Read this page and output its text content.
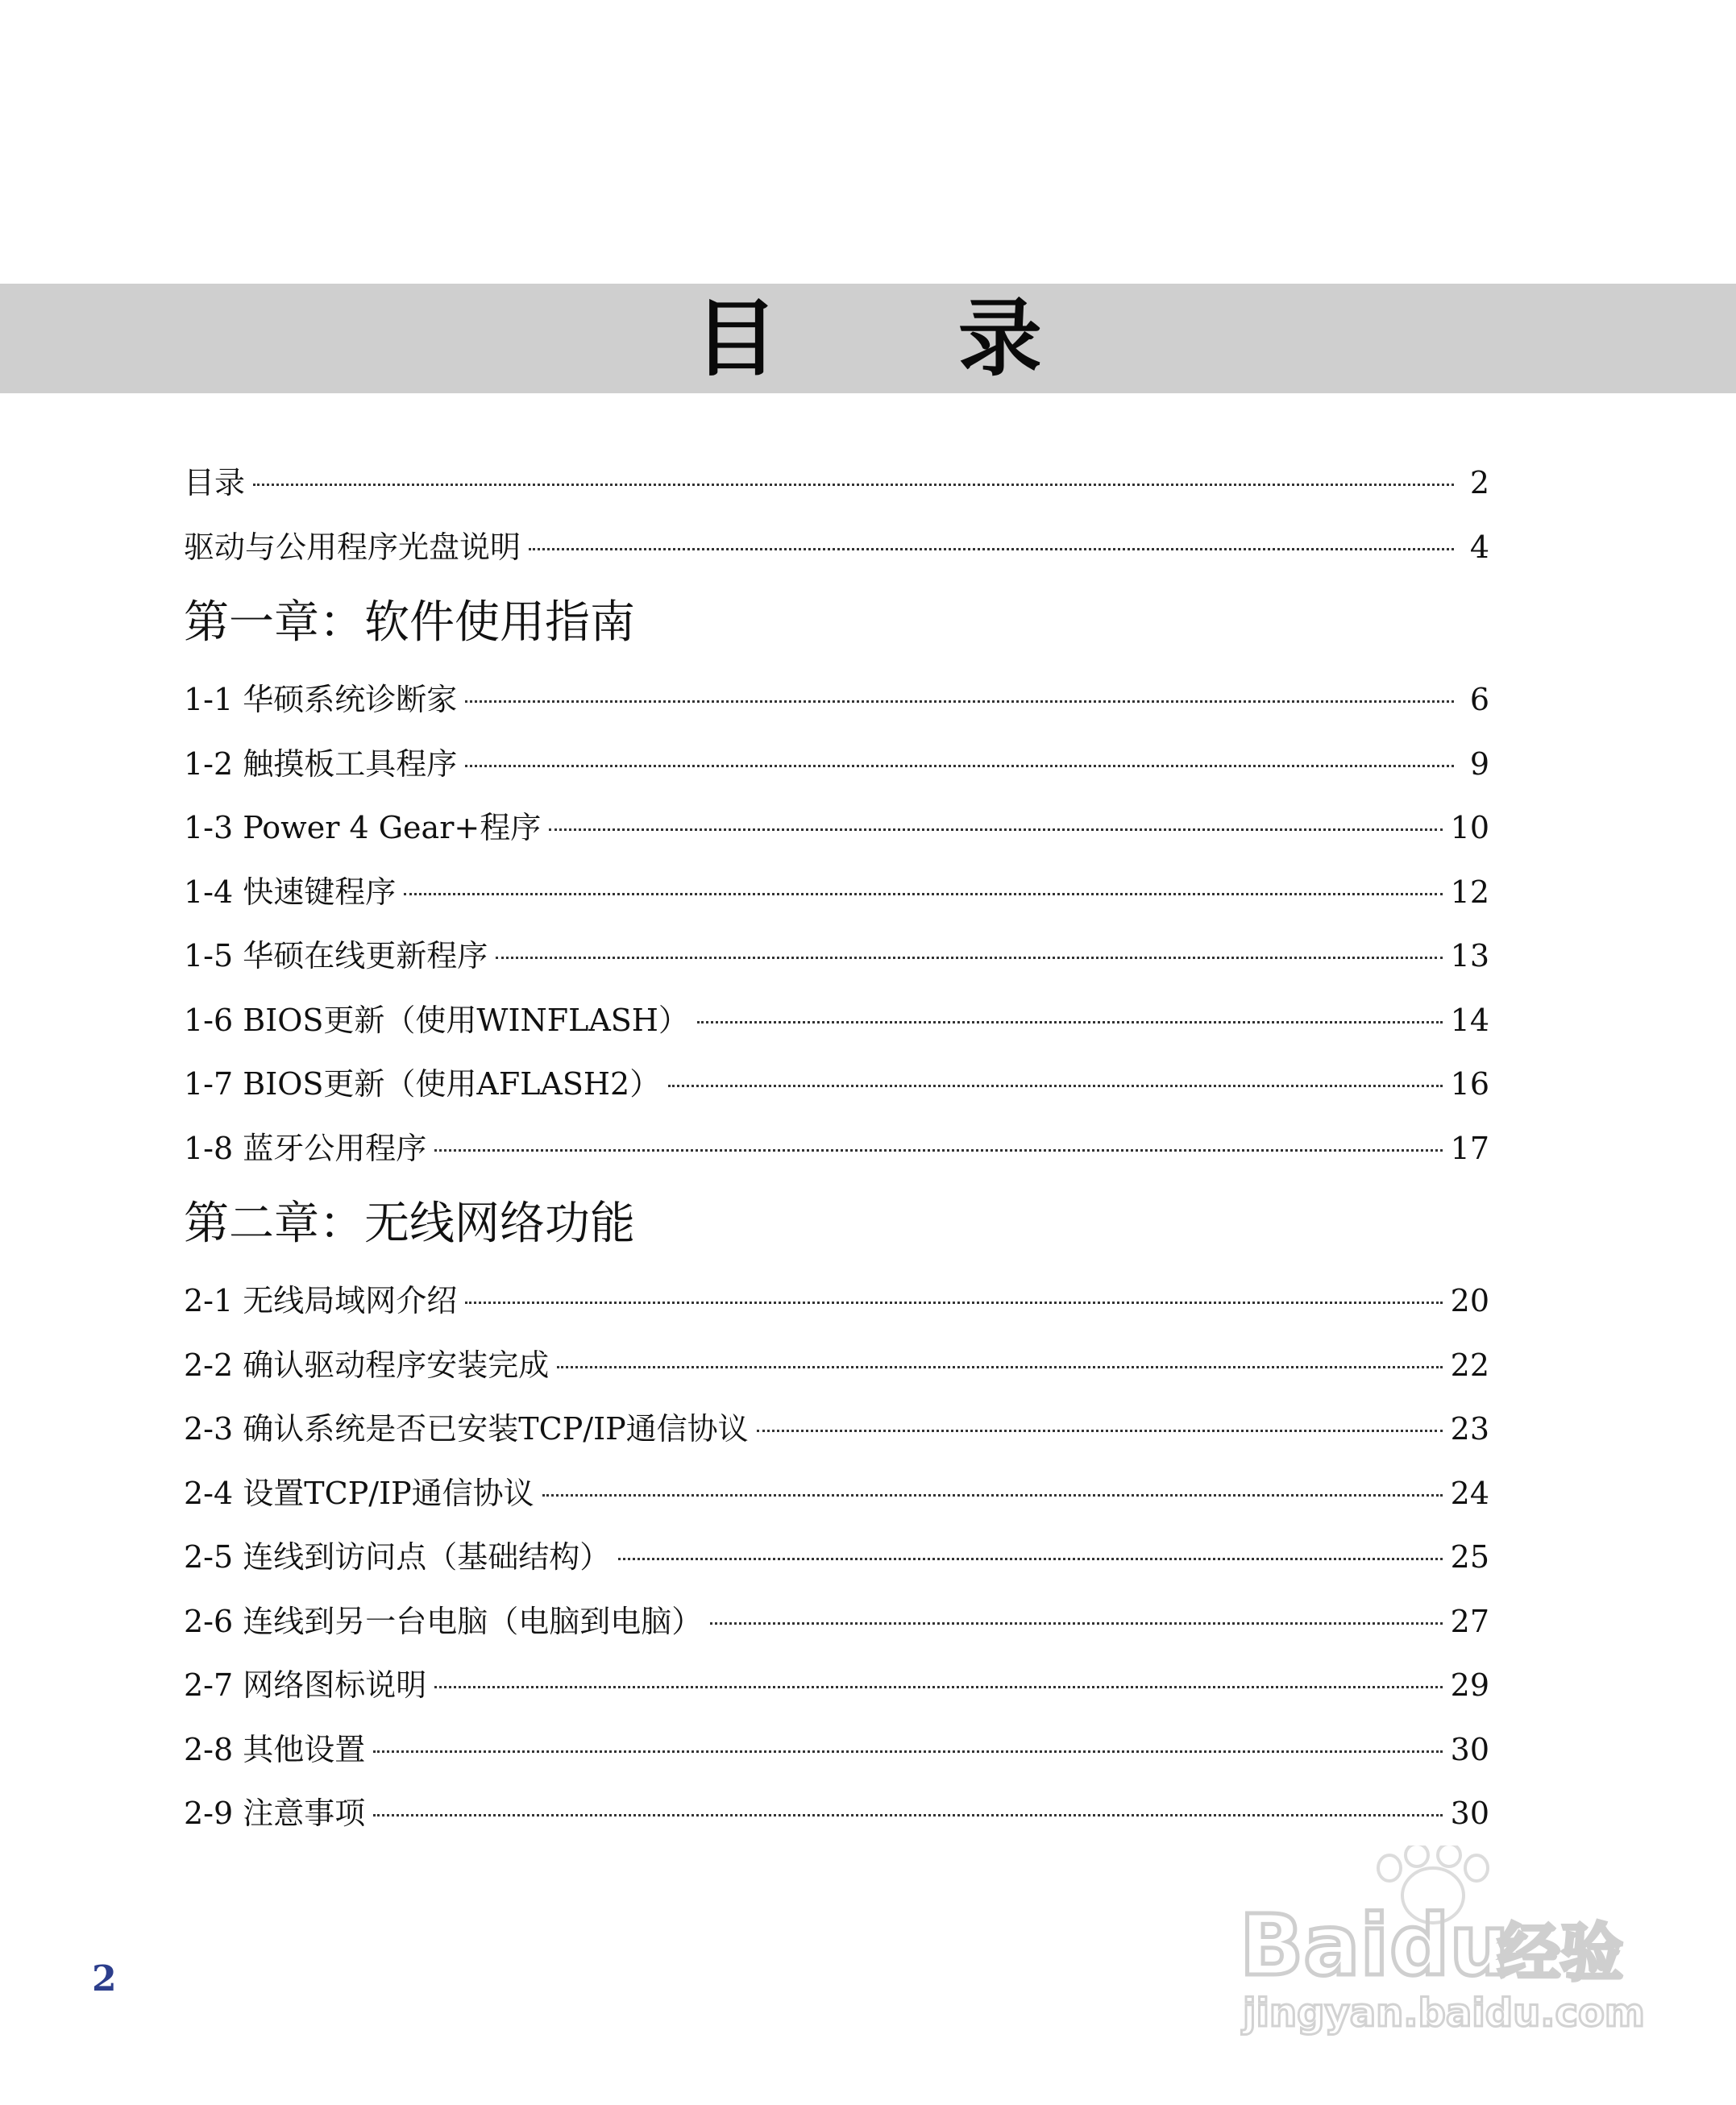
目 录
目录	2
驱动与公用程序光盘说明	4
第一章：软件使用指南
1-1 华硕系统诊断家	6
1-2 触摸板工具程序	9
1-3 Power 4 Gear+程序	10
1-4 快速键程序	12
1-5 华硕在线更新程序	13
1-6 BIOS更新（使用WINFLASH）	14
1-7 BIOS更新（使用AFLASH2）	16
1-8 蓝牙公用程序	17
第二章：无线网络功能
2-1 无线局域网介绍	20
2-2 确认驱动程序安装完成	22
2-3 确认系统是否已安装TCP/IP通信协议	23
2-4 设置TCP/IP通信协议	24
2-5 连线到访问点（基础结构）	25
2-6 连线到另一台电脑（电脑到电脑）	27
2-7 网络图标说明	29
2-8 其他设置	30
2-9 注意事项	30
2	Bai du
经验
jingyan.baidu.com
